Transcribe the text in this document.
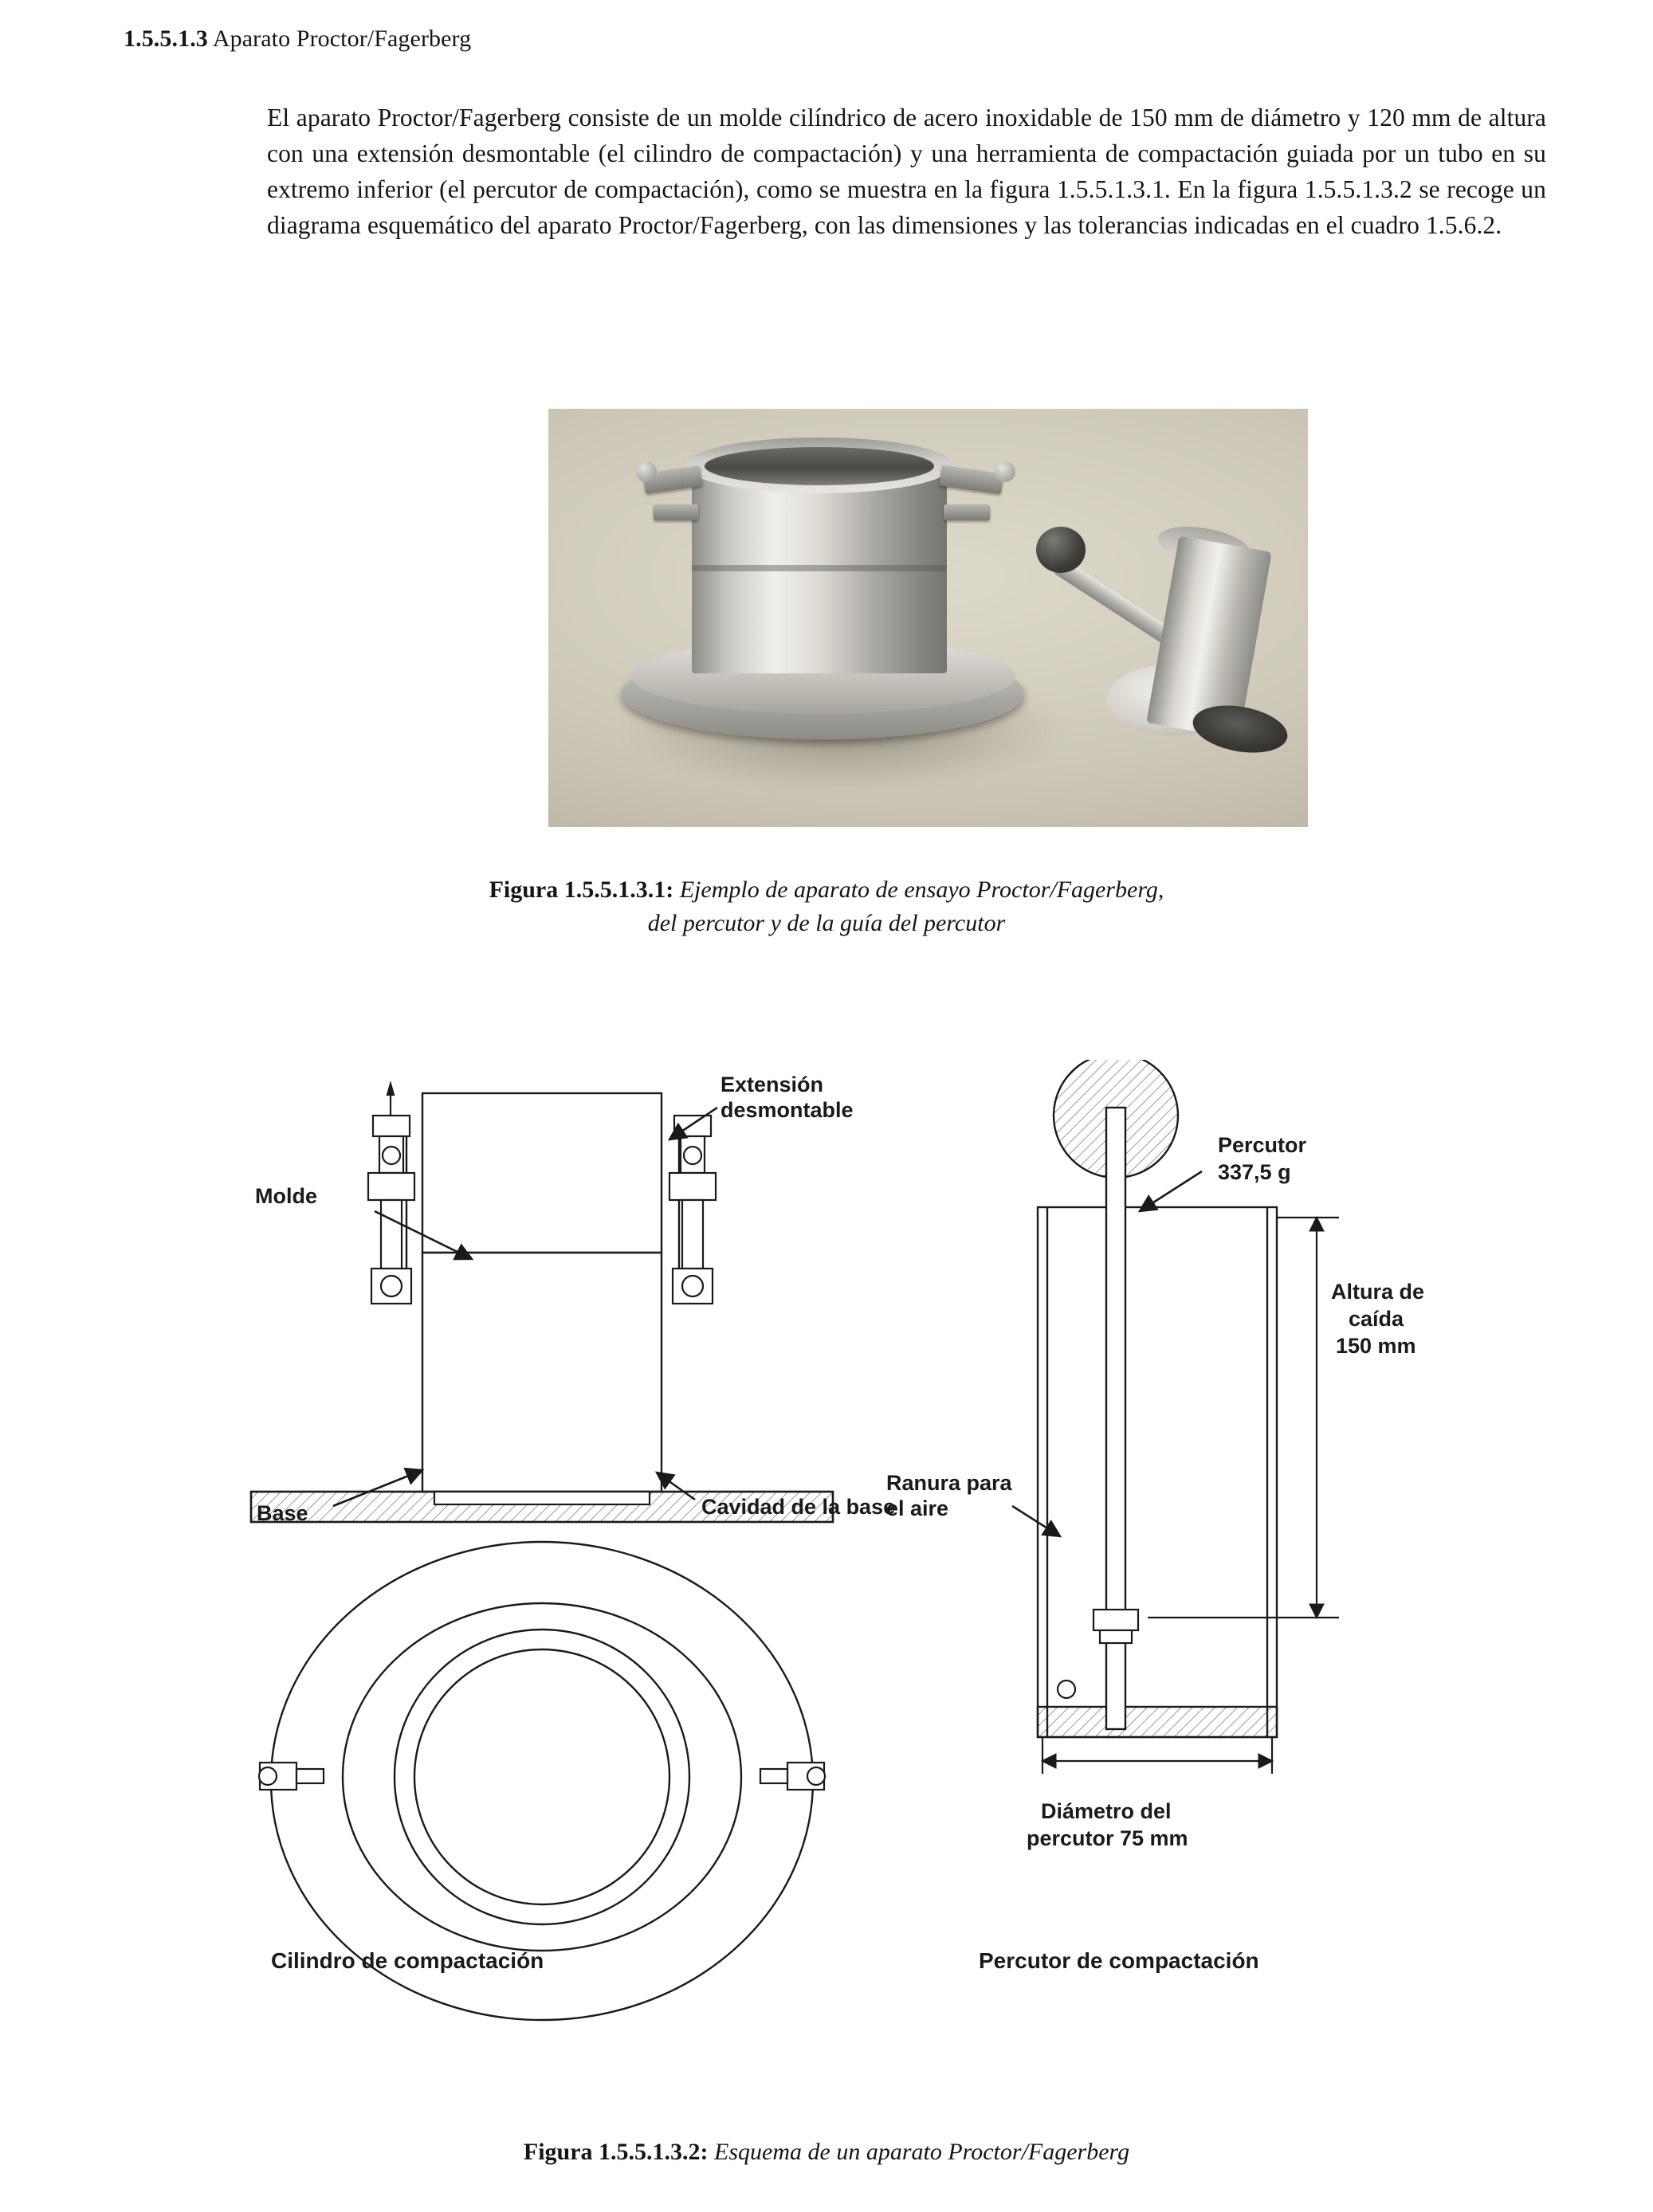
1.5.5.1.3 Aparato Proctor/Fagerberg
El aparato Proctor/Fagerberg consiste de un molde cilíndrico de acero inoxidable de 150 mm de diámetro y 120 mm de altura con una extensión desmontable (el cilindro de compactación) y una herramienta de compactación guiada por un tubo en su extremo inferior (el percutor de compactación), como se muestra en la figura 1.5.5.1.3.1. En la figura 1.5.5.1.3.2 se recoge un diagrama esquemático del aparato Proctor/Fagerberg, con las dimensiones y las tolerancias indicadas en el cuadro 1.5.6.2.
Figura 1.5.5.1.3.1: Ejemplo de aparato de ensayo Proctor/Fagerberg,
del percutor y de la guía del percutor
Extensión
desmontable
Molde
Base	Cavidad de la base
Percutor
337,5 g
Altura de
caída
150 mm
Ranura para
el aire
Diámetro del
percutor 75 mm
Cilindro de compactación	Percutor de compactación
Figura 1.5.5.1.3.2: Esquema de un aparato Proctor/Fagerberg
